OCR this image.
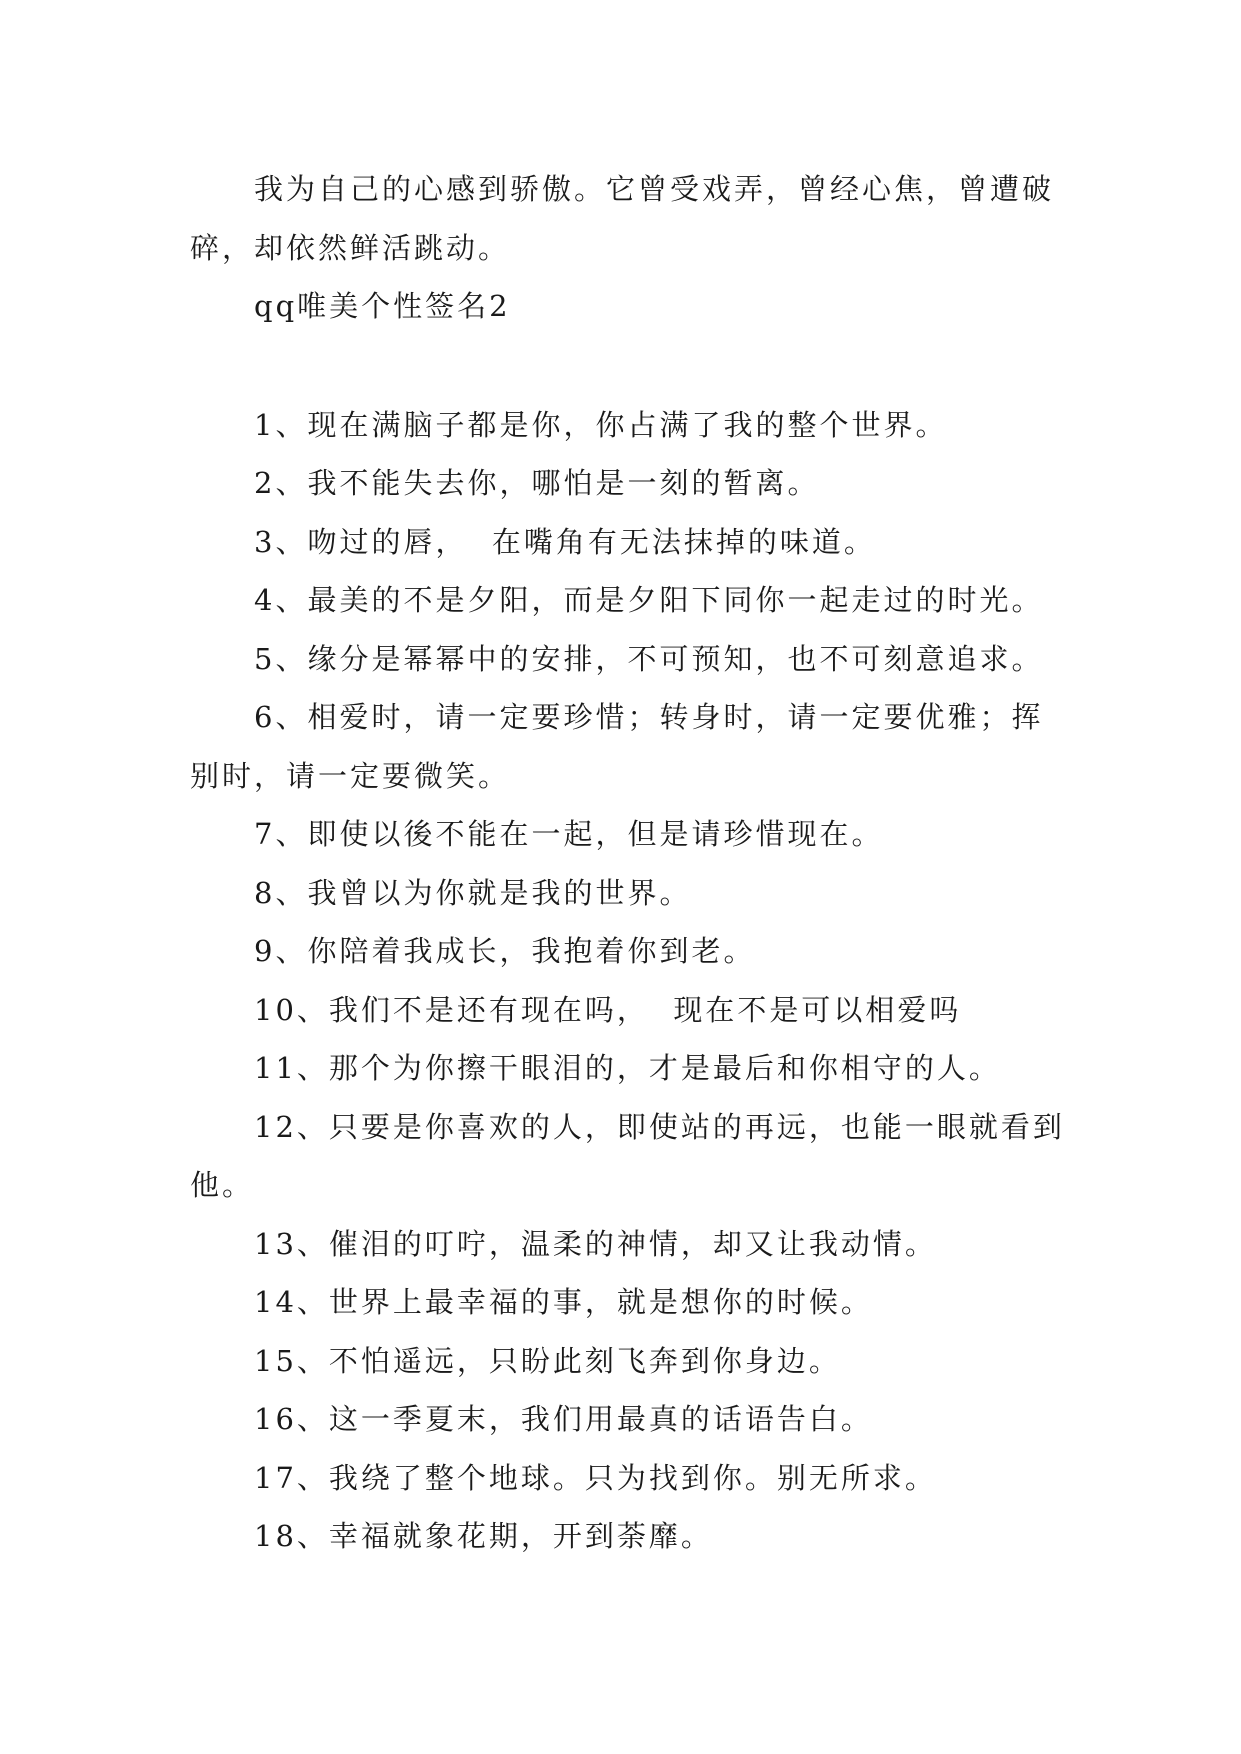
我为自己的心感到骄傲。它曾受戏弄，曾经心焦，曾遭破碎，却依然鲜活跳动。

qq唯美个性签名2

1、现在满脑子都是你，你占满了我的整个世界。

2、我不能失去你，哪怕是一刻的暂离。

3、吻过的唇，  在嘴角有无法抹掉的味道。

4、最美的不是夕阳，而是夕阳下同你一起走过的时光。

5、缘分是幂幂中的安排，不可预知，也不可刻意追求。

6、相爱时，请一定要珍惜；转身时，请一定要优雅；挥别时，请一定要微笑。

7、即使以後不能在一起，但是请珍惜现在。

8、我曾以为你就是我的世界。

9、你陪着我成长，我抱着你到老。

10、我们不是还有现在吗，  现在不是可以相爱吗

11、那个为你擦干眼泪的，才是最后和你相守的人。

12、只要是你喜欢的人，即使站的再远，也能一眼就看到他。

13、催泪的叮咛，温柔的神情，却又让我动情。

14、世界上最幸福的事，就是想你的时候。

15、不怕遥远，只盼此刻飞奔到你身边。

16、这一季夏末，我们用最真的话语告白。

17、我绕了整个地球。只为找到你。别无所求。

18、幸福就象花期，开到荼靡。
